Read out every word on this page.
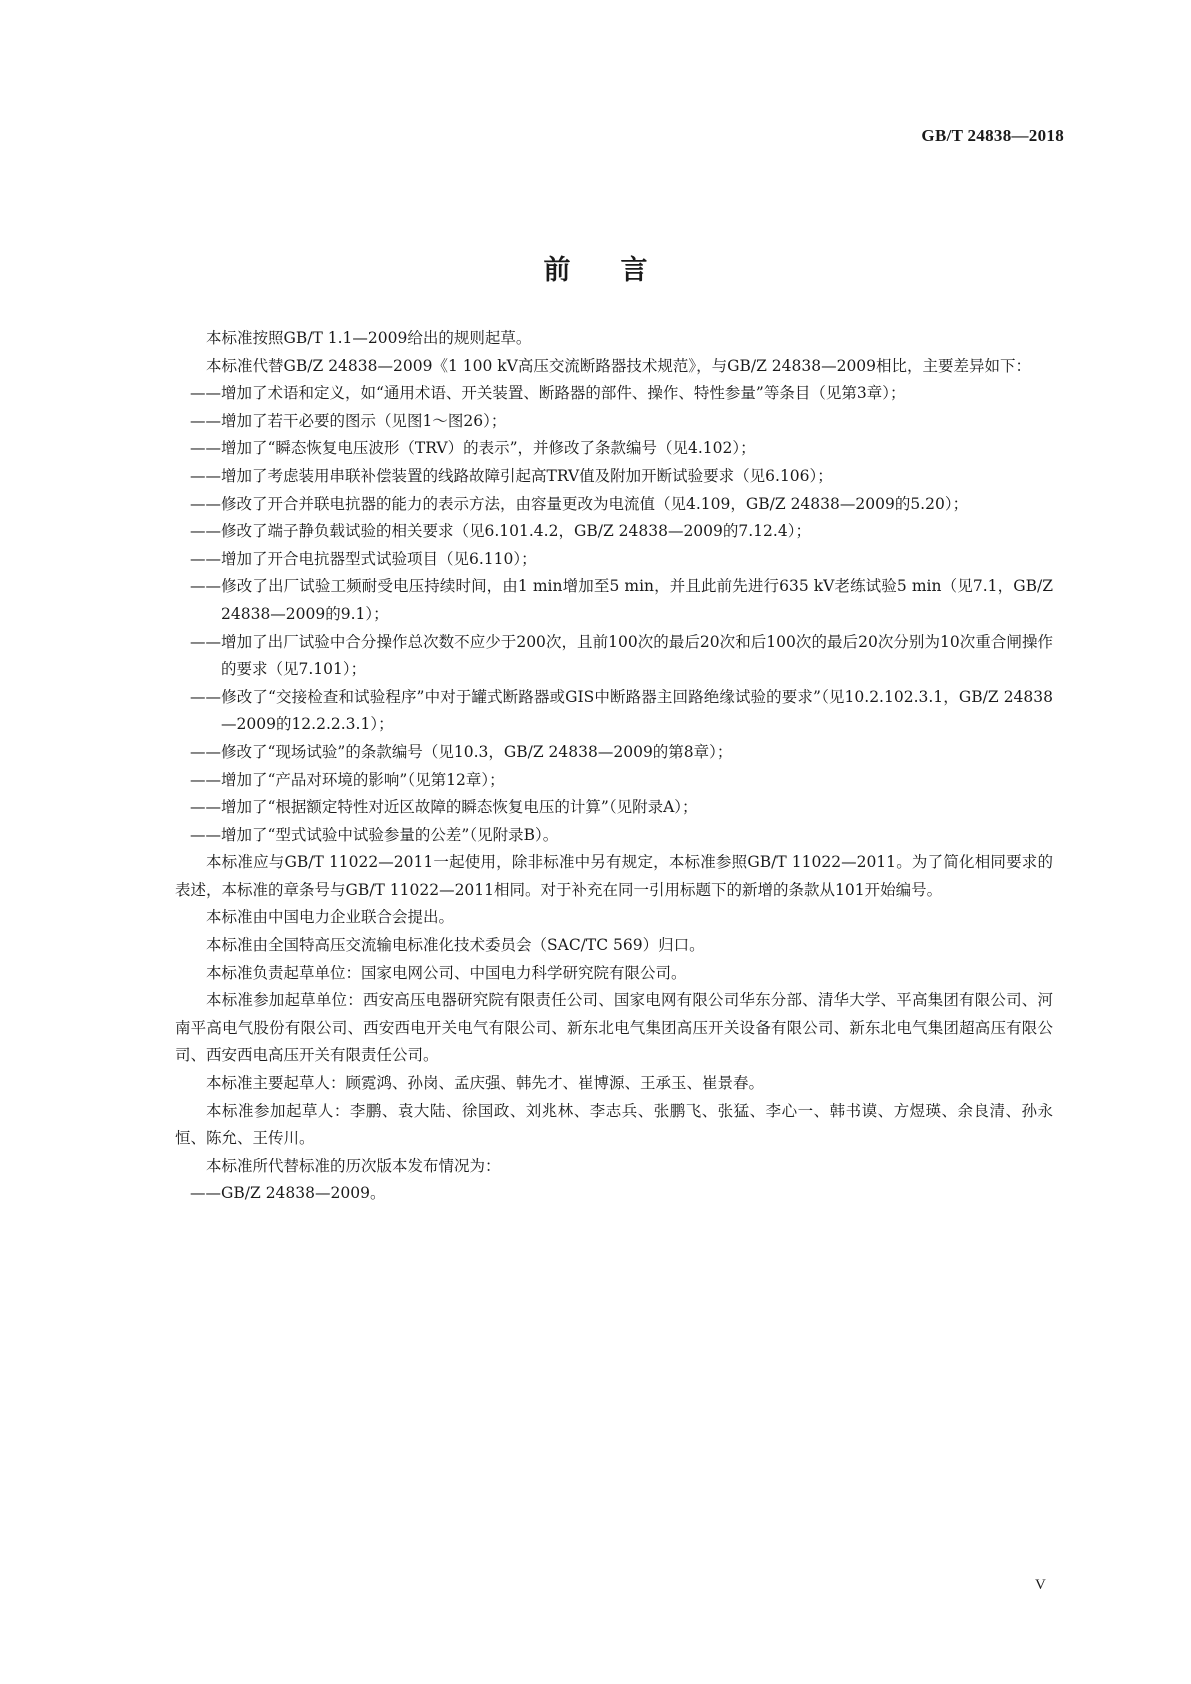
GB/T 24838—2018
前言

本标准按照GB/T 1.1—2009给出的规则起草。

本标准代替GB/Z 24838—2009《1 100 kV高压交流断路器技术规范》，与GB/Z 24838—2009相比，主要差异如下：

——增加了术语和定义，如“通用术语、开关装置、断路器的部件、操作、特性参量”等条目（见第3章）；

——增加了若干必要的图示（见图1～图26）；

——增加了“瞬态恢复电压波形（TRV）的表示”，并修改了条款编号（见4.102）；

——增加了考虑装用串联补偿装置的线路故障引起高TRV值及附加开断试验要求（见6.106）；

——修改了开合并联电抗器的能力的表示方法，由容量更改为电流值（见4.109，GB/Z 24838—2009的5.20）；

——修改了端子静负载试验的相关要求（见6.101.4.2，GB/Z 24838—2009的7.12.4）；

——增加了开合电抗器型式试验项目（见6.110）；

——修改了出厂试验工频耐受电压持续时间，由1 min增加至5 min，并且此前先进行635 kV老练试验5 min（见7.1，GB/Z 24838—2009的9.1）；

——增加了出厂试验中合分操作总次数不应少于200次，且前100次的最后20次和后100次的最后20次分别为10次重合闸操作的要求（见7.101）；

——修改了“交接检查和试验程序”中对于罐式断路器或GIS中断路器主回路绝缘试验的要求”（见10.2.102.3.1，GB/Z 24838—2009的12.2.2.3.1）；

——修改了“现场试验”的条款编号（见10.3，GB/Z 24838—2009的第8章）；

——增加了“产品对环境的影响”（见第12章）；

——增加了“根据额定特性对近区故障的瞬态恢复电压的计算”（见附录A）；

——增加了“型式试验中试验参量的公差”（见附录B）。

本标准应与GB/T 11022—2011一起使用，除非标准中另有规定，本标准参照GB/T 11022—2011。为了简化相同要求的表述，本标准的章条号与GB/T 11022—2011相同。对于补充在同一引用标题下的新增的条款从101开始编号。

本标准由中国电力企业联合会提出。

本标准由全国特高压交流输电标准化技术委员会（SAC/TC 569）归口。

本标准负责起草单位：国家电网公司、中国电力科学研究院有限公司。

本标准参加起草单位：西安高压电器研究院有限责任公司、国家电网有限公司华东分部、清华大学、平高集团有限公司、河南平高电气股份有限公司、西安西电开关电气有限公司、新东北电气集团高压开关设备有限公司、新东北电气集团超高压有限公司、西安西电高压开关有限责任公司。

本标准主要起草人：顾霓鸿、孙岗、孟庆强、韩先才、崔博源、王承玉、崔景春。

本标准参加起草人：李鹏、袁大陆、徐国政、刘兆林、李志兵、张鹏飞、张猛、李心一、韩书谟、方煜瑛、余良清、孙永恒、陈允、王传川。

本标准所代替标准的历次版本发布情况为：

——GB/Z 24838—2009。

V
